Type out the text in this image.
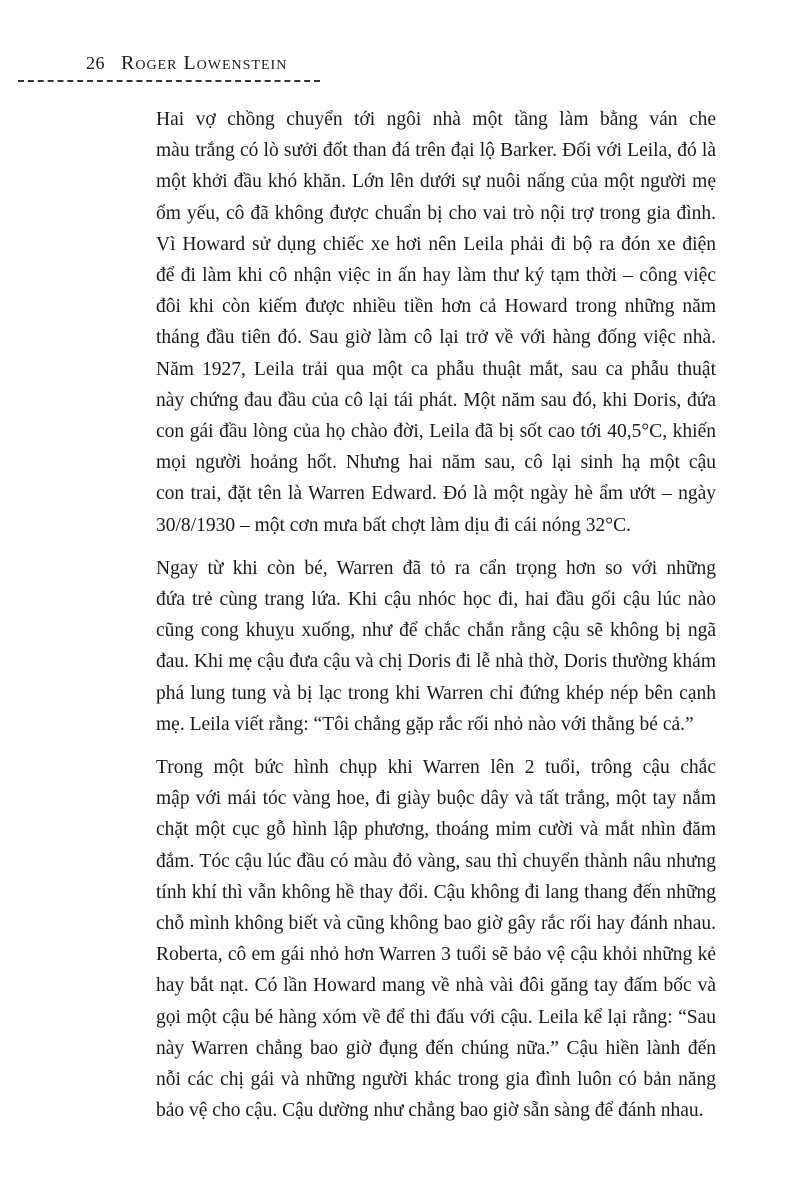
26 Roger Lowenstein

Hai vợ chồng chuyển tới ngôi nhà một tầng làm bằng ván che
màu trắng có lò sưởi đốt than đá trên đại lộ Barker. Đối với Leila, đó là
một khởi đầu khó khăn. Lớn lên dưới sự nuôi nấng của một người mẹ
ốm yếu, cô đã không được chuẩn bị cho vai trò nội trợ trong gia đình.
Vì Howard sử dụng chiếc xe hơi nên Leila phải đi bộ ra đón xe điện
để đi làm khi cô nhận việc in ấn hay làm thư ký tạm thời – công việc
đôi khi còn kiếm được nhiều tiền hơn cả Howard trong những năm
tháng đầu tiên đó. Sau giờ làm cô lại trở về với hàng đống việc nhà.
Năm 1927, Leila trải qua một ca phẫu thuật mắt, sau ca phẫu thuật
này chứng đau đầu của cô lại tái phát. Một năm sau đó, khi Doris, đứa
con gái đầu lòng của họ chào đời, Leila đã bị sốt cao tới 40,5°C, khiến
mọi người hoảng hốt. Nhưng hai năm sau, cô lại sinh hạ một cậu
con trai, đặt tên là Warren Edward. Đó là một ngày hè ẩm ướt – ngày
30/8/1930 – một cơn mưa bất chợt làm dịu đi cái nóng 32°C.

Ngay từ khi còn bé, Warren đã tỏ ra cẩn trọng hơn so với những
đứa trẻ cùng trang lứa. Khi cậu nhóc học đi, hai đầu gối cậu lúc nào
cũng cong khuỵu xuống, như để chắc chắn rằng cậu sẽ không bị ngã
đau. Khi mẹ cậu đưa cậu và chị Doris đi lễ nhà thờ, Doris thường khám
phá lung tung và bị lạc trong khi Warren chỉ đứng khép nép bên cạnh
mẹ. Leila viết rằng: “Tôi chẳng gặp rắc rối nhỏ nào với thằng bé cả.”

Trong một bức hình chụp khi Warren lên 2 tuổi, trông cậu chắc
mập với mái tóc vàng hoe, đi giày buộc dây và tất trắng, một tay nắm
chặt một cục gỗ hình lập phương, thoáng mỉm cười và mắt nhìn đăm
đắm. Tóc cậu lúc đầu có màu đỏ vàng, sau thì chuyển thành nâu nhưng
tính khí thì vẫn không hề thay đổi. Cậu không đi lang thang đến những
chỗ mình không biết và cũng không bao giờ gây rắc rối hay đánh nhau.
Roberta, cô em gái nhỏ hơn Warren 3 tuổi sẽ bảo vệ cậu khỏi những kẻ
hay bắt nạt. Có lần Howard mang về nhà vài đôi găng tay đấm bốc và
gọi một cậu bé hàng xóm về để thi đấu với cậu. Leila kể lại rằng: “Sau
này Warren chẳng bao giờ đụng đến chúng nữa.” Cậu hiền lành đến
nỗi các chị gái và những người khác trong gia đình luôn có bản năng
bảo vệ cho cậu. Cậu dường như chẳng bao giờ sẵn sàng để đánh nhau.
